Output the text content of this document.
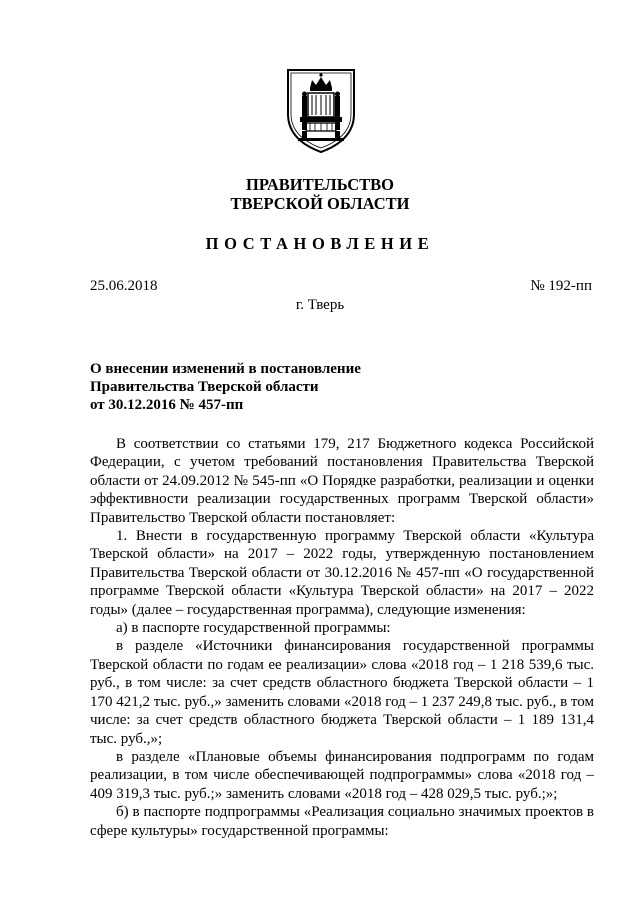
ПРАВИТЕЛЬСТВО
ТВЕРСКОЙ ОБЛАСТИ
ПОСТАНОВЛЕНИЕ
25.06.2018	№ 192-пп
г. Тверь
О внесении изменений в постановление
Правительства Тверской области
от 30.12.2016 № 457-пп

В соответствии со статьями 179, 217 Бюджетного кодекса Российской Федерации, с учетом требований постановления Правительства Тверской области от 24.09.2012 № 545-пп «О Порядке разработки, реализации и оценки эффективности реализации государственных программ Тверской области» Правительство Тверской области постановляет:

1. Внести в государственную программу Тверской области «Культура Тверской области» на 2017 – 2022 годы, утвержденную постановлением Правительства Тверской области от 30.12.2016 № 457-пп «О государственной программе Тверской области «Культура Тверской области» на 2017 – 2022 годы» (далее – государственная программа), следующие изменения:

а) в паспорте государственной программы:

в разделе «Источники финансирования государственной программы Тверской области по годам ее реализации» слова «2018 год – 1 218 539,6 тыс. руб., в том числе: за счет средств областного бюджета Тверской области – 1 170 421,2 тыс. руб.,» заменить словами «2018 год – 1 237 249,8 тыс. руб., в том числе: за счет средств областного бюджета Тверской области – 1 189 131,4 тыс. руб.,»;

в разделе «Плановые объемы финансирования подпрограмм по годам реализации, в том числе обеспечивающей подпрограммы» слова «2018 год – 409 319,3 тыс. руб.;» заменить словами «2018 год – 428 029,5 тыс. руб.;»;

б) в паспорте подпрограммы «Реализация социально значимых проектов в сфере культуры» государственной программы:
